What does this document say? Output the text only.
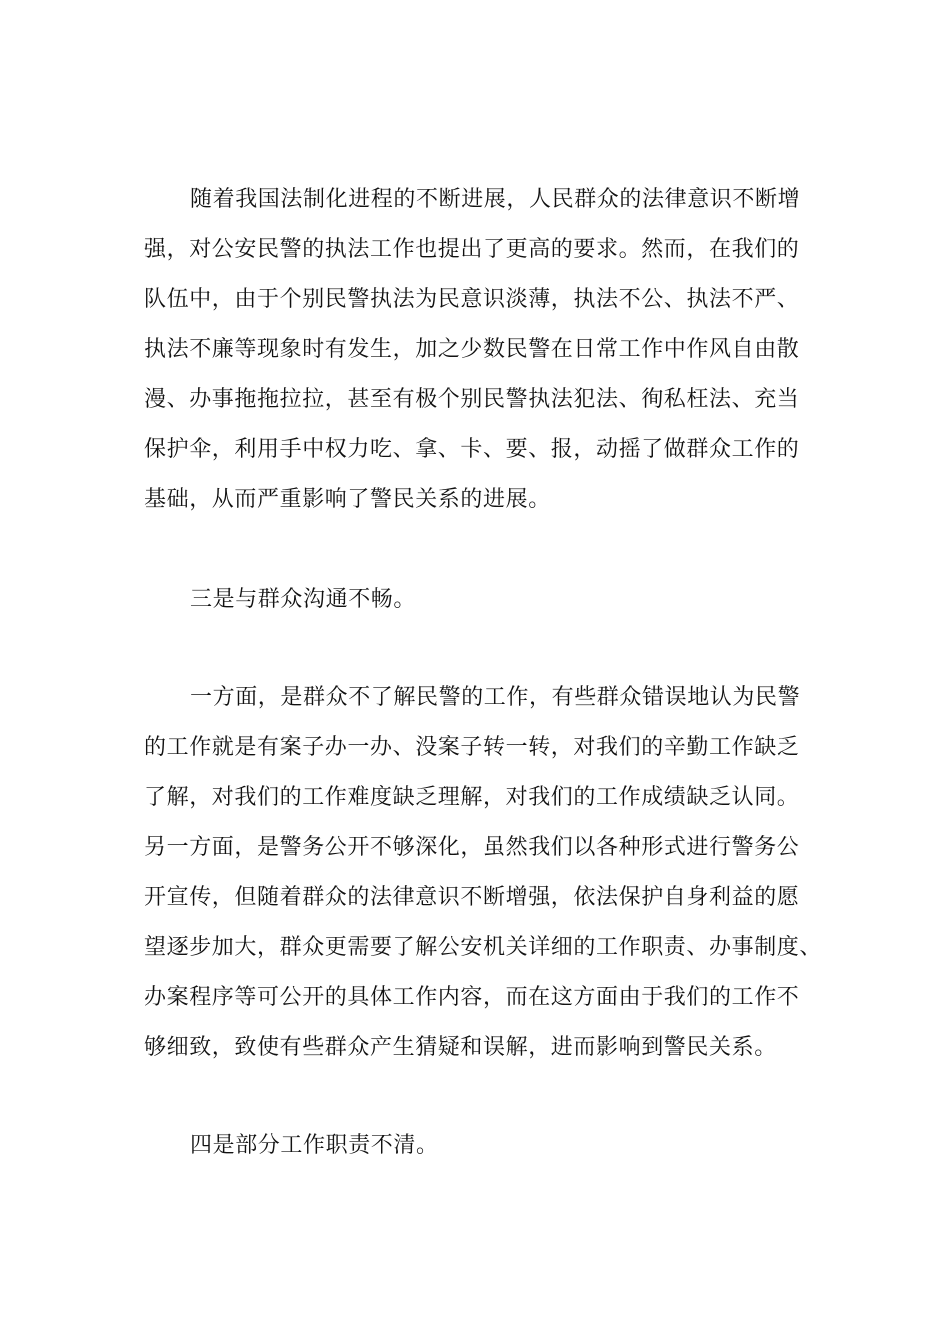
随着我国法制化进程的不断进展，人民群众的法律意识不断增
强，对公安民警的执法工作也提出了更高的要求。然而，在我们的
队伍中，由于个别民警执法为民意识淡薄，执法不公、执法不严、
执法不廉等现象时有发生，加之少数民警在日常工作中作风自由散
漫、办事拖拖拉拉，甚至有极个别民警执法犯法、徇私枉法、充当
保护伞，利用手中权力吃、拿、卡、要、报，动摇了做群众工作的
基础，从而严重影响了警民关系的进展。
三是与群众沟通不畅。
一方面，是群众不了解民警的工作，有些群众错误地认为民警
的工作就是有案子办一办、没案子转一转，对我们的辛勤工作缺乏
了解，对我们的工作难度缺乏理解，对我们的工作成绩缺乏认同。
另一方面，是警务公开不够深化，虽然我们以各种形式进行警务公
开宣传，但随着群众的法律意识不断增强，依法保护自身利益的愿
望逐步加大，群众更需要了解公安机关详细的工作职责、办事制度、
办案程序等可公开的具体工作内容，而在这方面由于我们的工作不
够细致，致使有些群众产生猜疑和误解，进而影响到警民关系。
四是部分工作职责不清。
